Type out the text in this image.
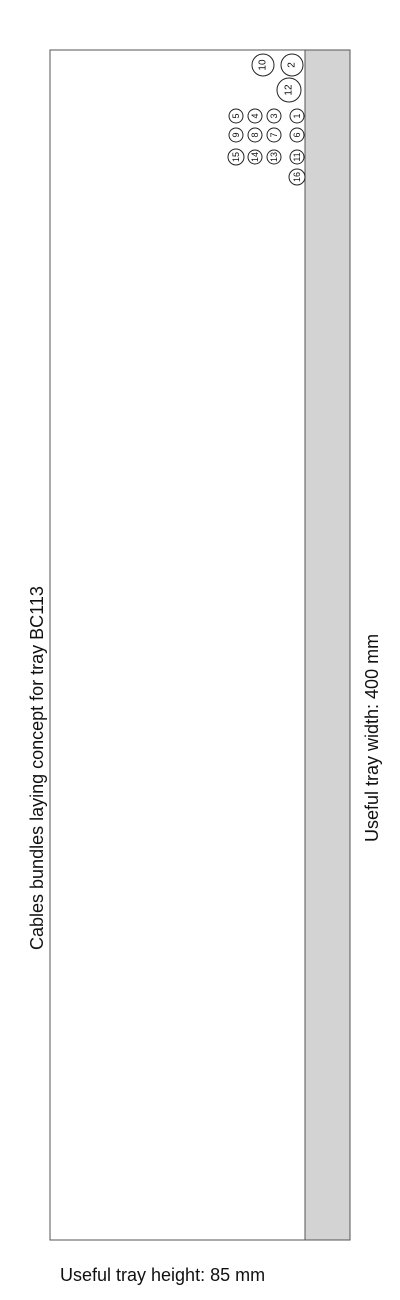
10 2
12
5 4 3 1
9 8 7 6
15 14 13 11
16
Cables bundles laying concept for tray BC113	Useful tray width: 400 mm
Useful tray height: 85 mm
